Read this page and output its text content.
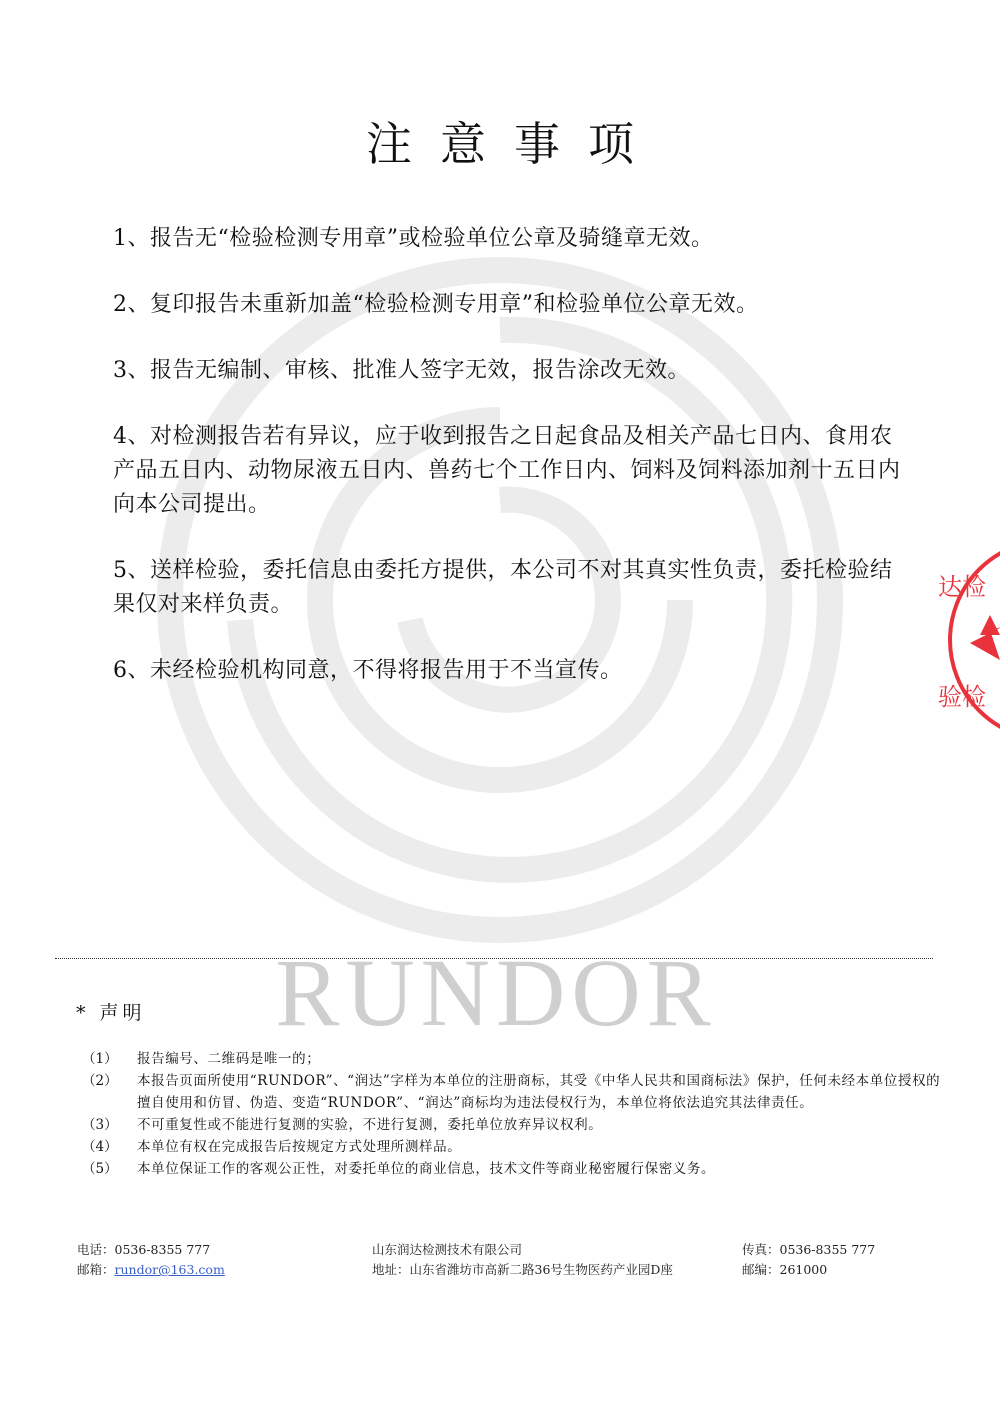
RUNDOR
注意事项
1、报告无“检验检测专用章”或检验单位公章及骑缝章无效。
2、复印报告未重新加盖“检验检测专用章”和检验单位公章无效。
3、报告无编制、审核、批准人签字无效，报告涂改无效。
4、对检测报告若有异议，应于收到报告之日起食品及相关产品七日内、食用农产品五日内、动物尿液五日内、兽药七个工作日内、饲料及饲料添加剂十五日内向本公司提出。
5、送样检验，委托信息由委托方提供，本公司不对其真实性负责，委托检验结果仅对来样负责。
6、未经检验机构同意，不得将报告用于不当宣传。
达检
验检
* 声明
（1）	报告编号、二维码是唯一的；
（2）	本报告页面所使用“RUNDOR”、“润达”字样为本单位的注册商标，其受《中华人民共和国商标法》保护，任何未经本单位授权的擅自使用和仿冒、伪造、变造“RUNDOR”、“润达”商标均为违法侵权行为，本单位将依法追究其法律责任。
（3）	不可重复性或不能进行复测的实验，不进行复测，委托单位放弃异议权利。
（4）	本单位有权在完成报告后按规定方式处理所测样品。
（5）	本单位保证工作的客观公正性，对委托单位的商业信息，技术文件等商业秘密履行保密义务。
电话：0536-8355 777	山东润达检测技术有限公司	传真：0536-8355 777
邮箱：rundor@163.com	地址：山东省潍坊市高新二路36号生物医药产业园D座	邮编：261000
